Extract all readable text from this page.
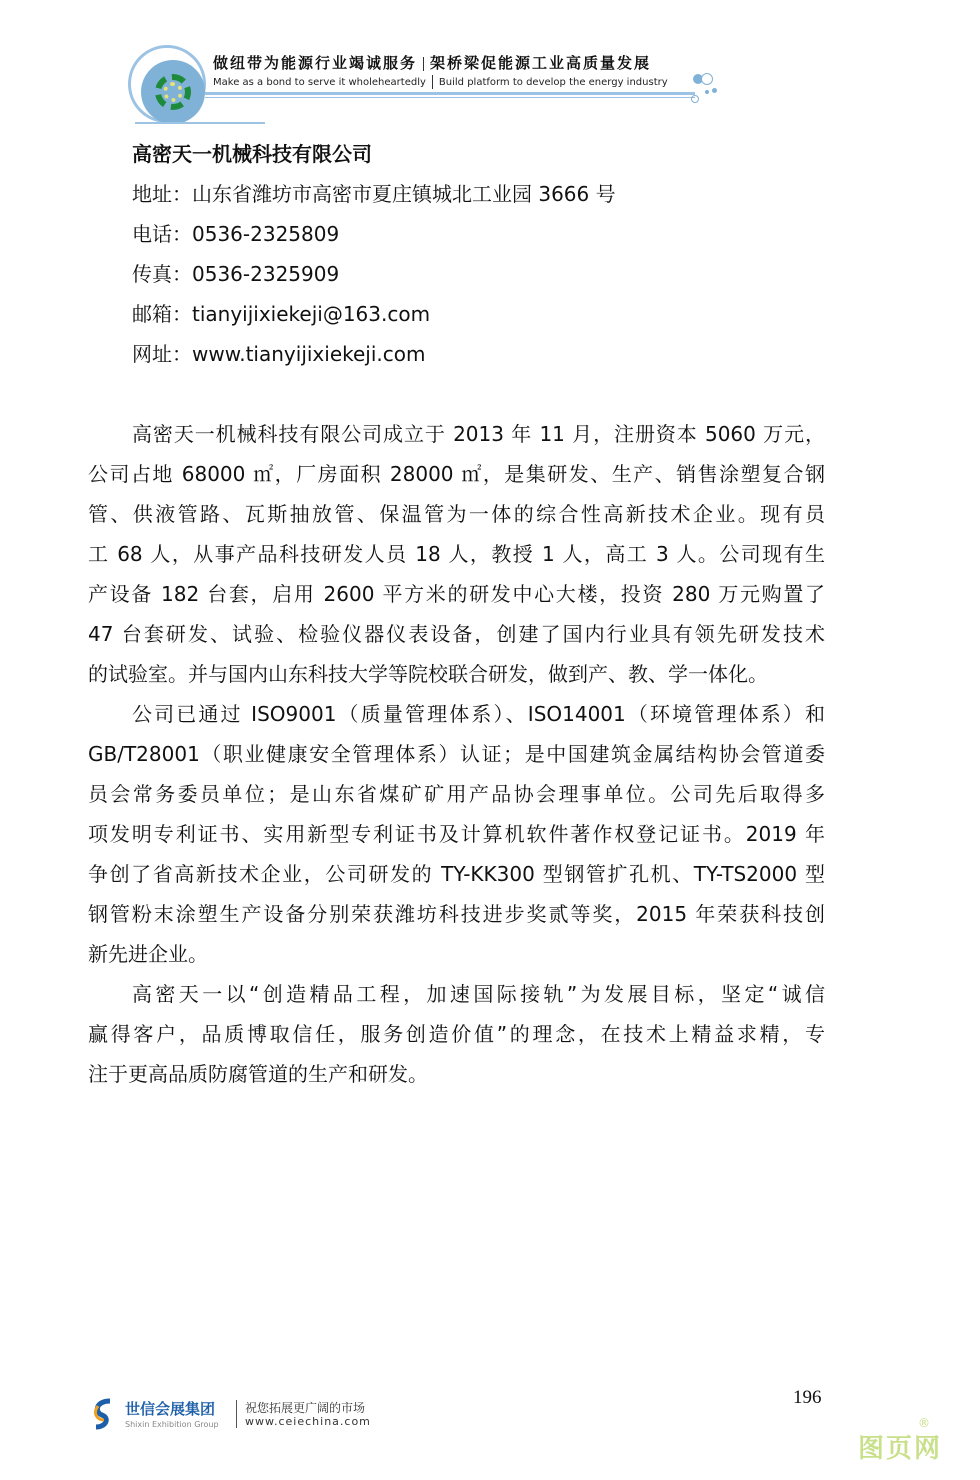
做纽带为能源行业竭诚服务 架桥梁促能源工业高质量发展
Make as a bond to serve it wholeheartedly Build platform to develop the energy industry
高密天一机械科技有限公司
地址：山东省潍坊市高密市夏庄镇城北工业园 3666 号
电话：0536-2325809
传真：0536-2325909
邮箱：tianyijixiekeji@163.com
网址：www.tianyijixiekeji.com
高密天一机械科技有限公司成立于 2013 年 11 月，注册资本 5060 万元，
公司占地 68000 ㎡，厂房面积 28000 ㎡，是集研发、生产、销售涂塑复合钢
管、供液管路、瓦斯抽放管、保温管为一体的综合性高新技术企业。现有员
工 68 人，从事产品科技研发人员 18 人，教授 1 人，高工 3 人。公司现有生
产设备 182 台套，启用 2600 平方米的研发中心大楼，投资 280 万元购置了
47 台套研发、试验、检验仪器仪表设备，创建了国内行业具有领先研发技术
的试验室。并与国内山东科技大学等院校联合研发，做到产、教、学一体化。
公司已通过 ISO9001（质量管理体系）、ISO14001（环境管理体系）和
GB/T28001（职业健康安全管理体系）认证；是中国建筑金属结构协会管道委
员会常务委员单位；是山东省煤矿矿用产品协会理事单位。公司先后取得多
项发明专利证书、实用新型专利证书及计算机软件著作权登记证书。2019 年
争创了省高新技术企业，公司研发的 TY-KK300 型钢管扩孔机、TY-TS2000 型
钢管粉末涂塑生产设备分别荣获潍坊科技进步奖贰等奖，2015 年荣获科技创
新先进企业。
高密天一以“创造精品工程，加速国际接轨”为发展目标，坚定“诚信
赢得客户，品质博取信任，服务创造价值”的理念，在技术上精益求精，专
注于更高品质防腐管道的生产和研发。
世信会展集团
Shixin Exhibition Group
祝您拓展更广阔的市场
www.ceiechina.com
196
图页网
®
